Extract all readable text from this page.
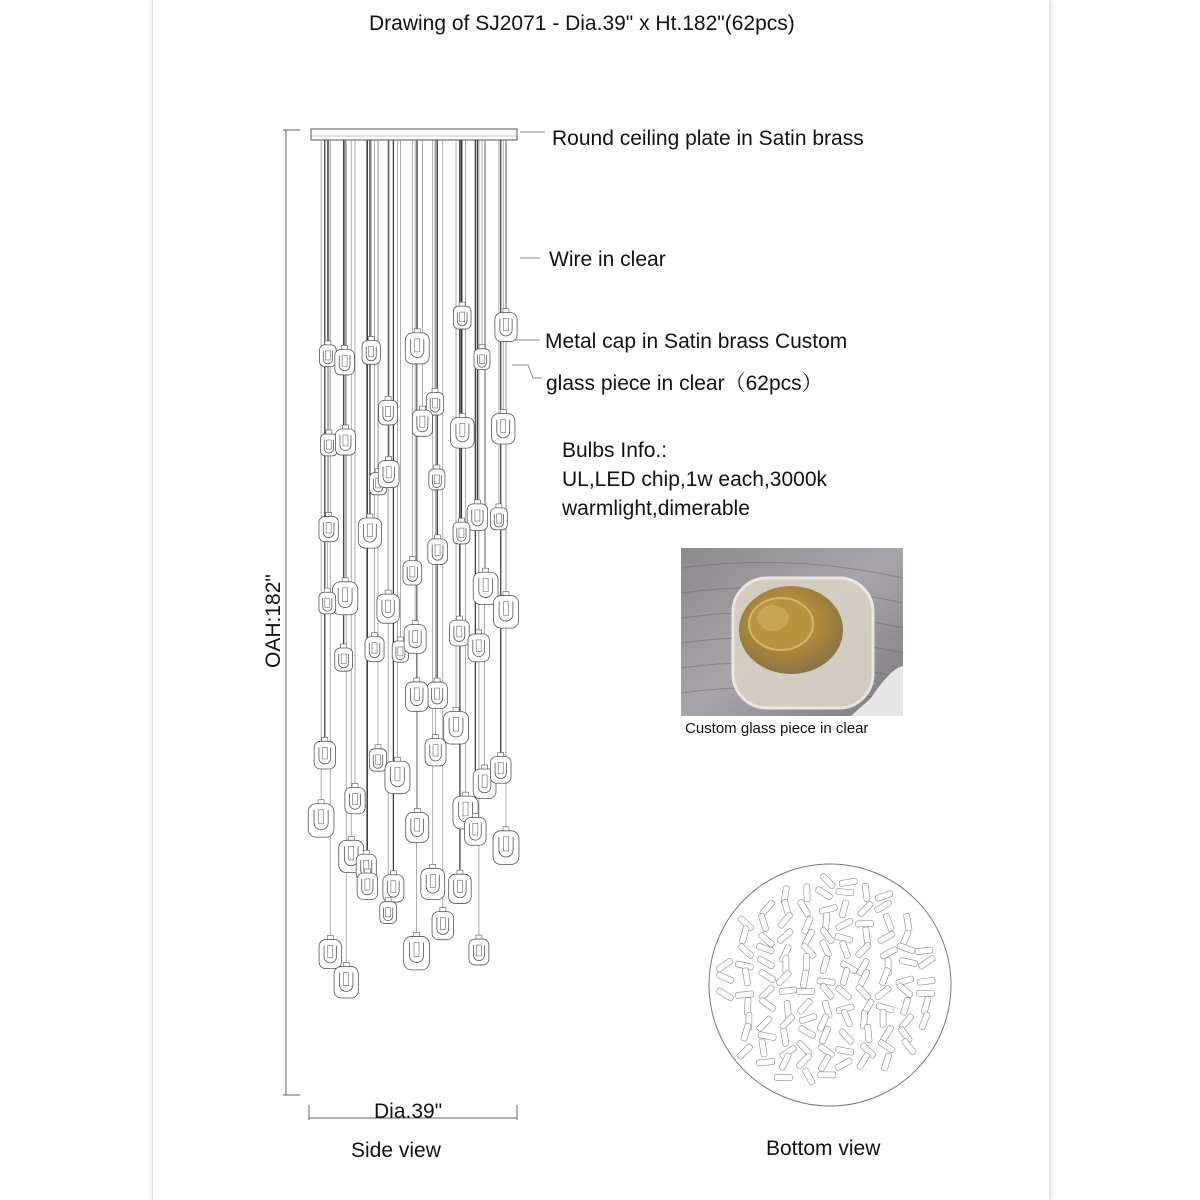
Drawing of SJ2071 - Dia.39" x Ht.182"(62pcs)
Round ceiling plate in Satin brass
Wire in clear
Metal cap in Satin brass Custom
glass piece in clear（62pcs）
Bulbs Info.:
UL,LED chip,1w each,3000k
warmlight,dimerable
Custom glass piece in clear
OAH:182"
Dia.39"
Side view	Bottom view
